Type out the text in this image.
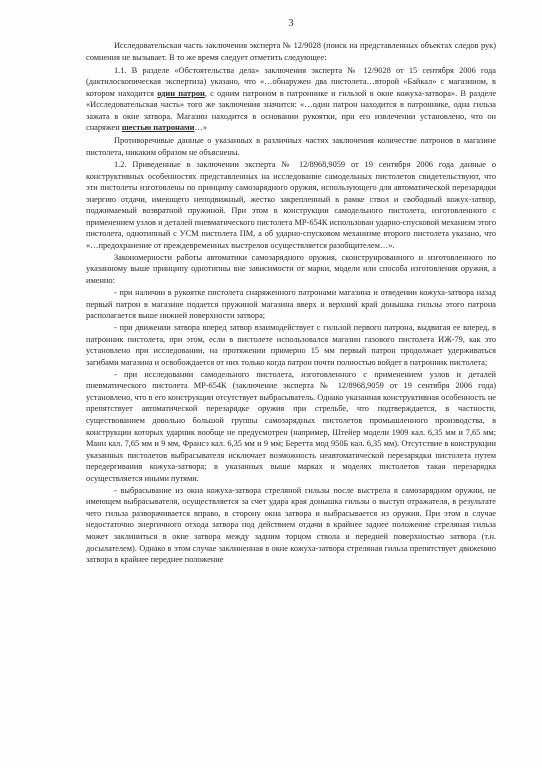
3

Исследовательская часть заключения эксперта № 12/9028 (поиск на представленных объектах следов рук) сомнения не вызывает. В то же время следует отметить следующее:

1.1. В разделе «Обстоятельства дела» заключения эксперта № 12/9028 от 15 сентября 2006 года (дактилоскопическая экспертиза) указано, что «…обнаружен два пистолета…второй «Байкал» с магазином, в котором находится один патрон, с одним патроном в патроннике и гильзой в окне кожуха-затвора». В разделе «Исследовательская часть» того же заключения значится: «…один патрон находится в патроннике, одна гильза зажата в окне затвора. Магазин находится в основании рукоятки, при его извлечении установлено, что он снаряжен шестью патронами…»

Противоречивые данные о указанных в различных частях заключения количестве патронов в магазине пистолета, никаким образом не объяснены.

1.2. Приведенные в заключении эксперта № 12/8968,9059 от 19 сентября 2006 года данные о конструктивных особенностях представленных на исследование самодельных пистолетов свидетельствуют, что эти пистолеты изготовлены по принципу самозарядного оружия, использующего для автоматической перезарядки энергию отдачи, имеющего неподвижный, жестко закрепленный в рамке ствол и свободный кожух-затвор, поджимаемый возвратной пружиной. При этом в конструкции самодельного пистолета, изготовленного с применением узлов и деталей пневматического пистолета МР-654К использован ударно-спусковой механизм этого пистолета, однотипный с УСМ пистолета ПМ, а об ударно-спусковом механизме второго пистолета указано, что «…предохранение от преждевременных выстрелов осуществляется разобщителем…».

Закономерности работы автоматики самозарядного оружия, сконструированного и изготовленного по указанному выше принципу однотипны вне зависимости от марки, модели или способа изготовления оружия, а именно:

- при наличии в рукоятке пистолета снаряженного патронами магазина и отведении кожуха-затвора назад первый патрон в магазине подается пружиной магазина вверх и верхний край донышка гильзы этого патрона располагается выше нижней поверхности затвора;

- при движении затвора вперед затвор взаимодействует с гильзой первого патрона, выдвигая ее вперед, в патронник пистолета, при этом, если в пистолете использовался магазин газового пистолета ИЖ-79, как это установлено при исследовании, на протяжении примерно 15 мм первый патрон продолжает удерживаться загибами магазина и освобождается от них только когда патрон почти полностью войдет в патронник пистолета;

- при исследовании самодельного пистолета, изготовленного с применением узлов и деталей пневматического пистолета МР-654К (заключение эксперта № 12/8968,9059 от 19 сентября 2006 года) установлено, что в его конструкции отсутствует выбрасыватель. Однако указанная конструктивная особенность не препятствует автоматической перезарядке оружия при стрельбе, что подтверждается, в частности, существованием довольно большой группы самозарядных пистолетов промышленного производства, в конструкции которых ударник вообще не предусмотрен (например, Штейер модели 1909 кал. 6,35 мм и 7,65 мм; Манн кал. 7,65 мм и 9 мм, Франсэ кал. 6,35 мм и 9 мм; Беретта мод 950Б кал. 6,35 мм). Отсутствие в конструкции указанных пистолетов выбрасывателя исключает возможность неавтоматической перезарядки пистолета путем передергивания кожуха-затвора; в указанных выше марках и моделях пистолетов такая перезарядка осуществляется иными путями.

- выбрасывание из окна кожуха-затвора стреляной гильзы после выстрела в самозарядном оружии, не имеющем выбрасывателя, осуществляется за счет удара края донышка гильзы о выступ отражателя, в результате чего гильза разворачивается вправо, в сторону окна затвора и выбрасывается из оружия. При этом в случае недостаточно энергичного отхода затвора под действием отдачи в крайнее заднее положение стреляная гильза может заклиниться в окне затвора между задним торцом ствола и передней поверхностью затвора (т.н. досылателем). Однако в этом случае заклиненная в окне кожуха-затвора стреляная гильза препятствует движению затвора в крайнее переднее положение
